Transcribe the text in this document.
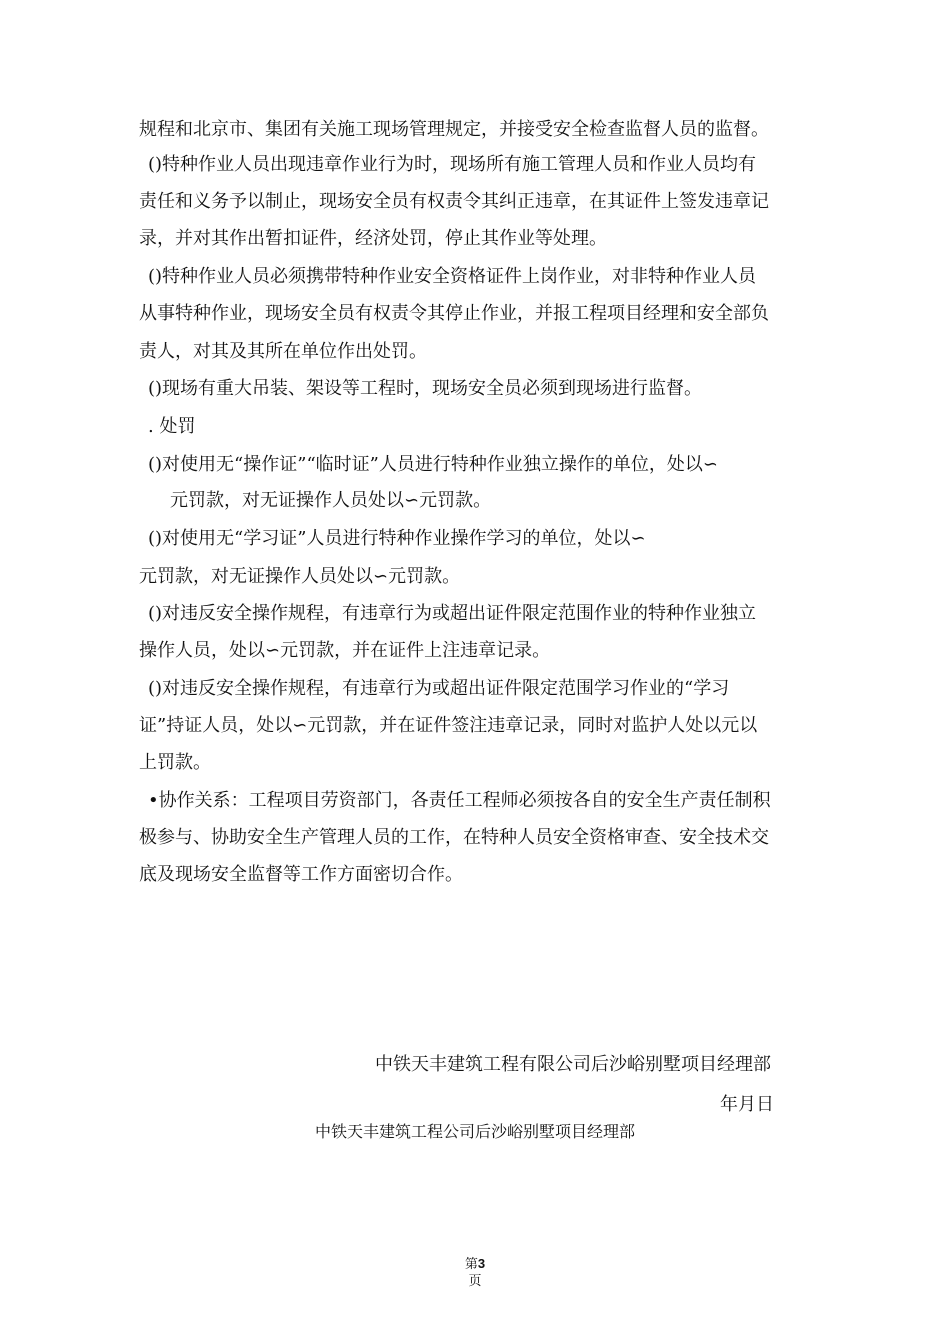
规程和北京市、集团有关施工现场管理规定，并接受安全检查监督人员的监督。
()特种作业人员出现违章作业行为时，现场所有施工管理人员和作业人员均有
责任和义务予以制止，现场安全员有权责令其纠正违章，在其证件上签发违章记
录，并对其作出暂扣证件，经济处罚，停止其作业等处理。
()特种作业人员必须携带特种作业安全资格证件上岗作业，对非特种作业人员
从事特种作业，现场安全员有权责令其停止作业，并报工程项目经理和安全部负
责人，对其及其所在单位作出处罚。
()现场有重大吊装、架设等工程时，现场安全员必须到现场进行监督。
. 处罚
()对使用无“操作证”“临时证”人员进行特种作业独立操作的单位，处以∽
元罚款，对无证操作人员处以∽元罚款。
()对使用无“学习证”人员进行特种作业操作学习的单位，处以∽
元罚款，对无证操作人员处以∽元罚款。
()对违反安全操作规程，有违章行为或超出证件限定范围作业的特种作业独立
操作人员，处以∽元罚款，并在证件上注违章记录。
()对违反安全操作规程，有违章行为或超出证件限定范围学习作业的“学习
证”持证人员，处以∽元罚款，并在证件签注违章记录，同时对监护人处以元以
上罚款。
•协作关系：工程项目劳资部门，各责任工程师必须按各自的安全生产责任制积
极参与、协助安全生产管理人员的工作，在特种人员安全资格审查、安全技术交
底及现场安全监督等工作方面密切合作。
中铁天丰建筑工程有限公司后沙峪别墅项目经理部
年月日
中铁天丰建筑工程公司后沙峪别墅项目经理部
第3
页
